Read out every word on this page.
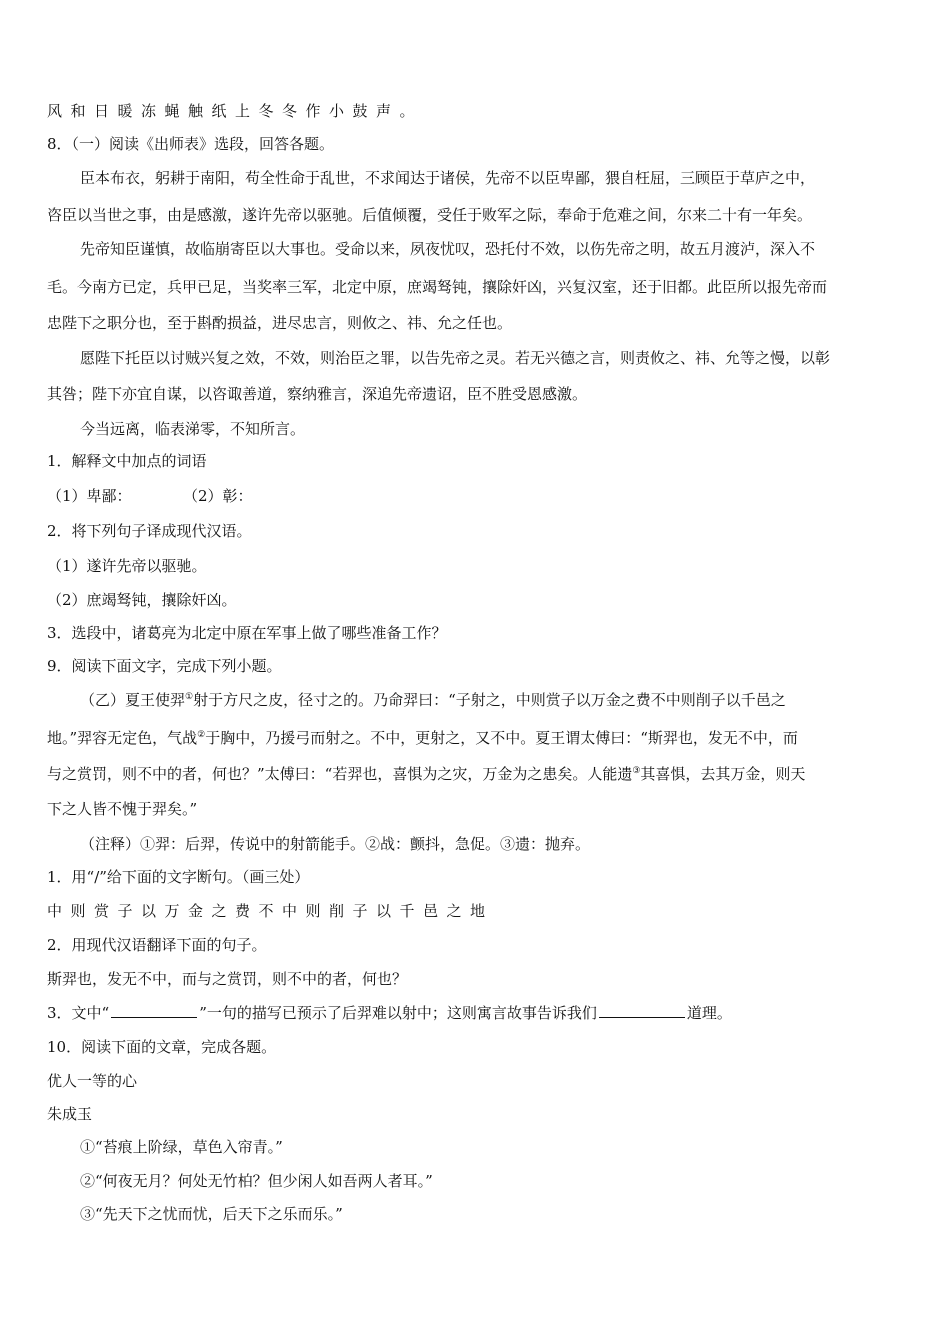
风和日暖冻蝇触纸上冬冬作小鼓声。
8．（一）阅读《出师表》选段，回答各题。
臣本布衣，躬耕于南阳，苟全性命于乱世，不求闻达于诸侯，先帝不以臣卑鄙，猥自枉屈，三顾臣于草庐之中，
咨臣以当世之事，由是感激，遂许先帝以驱驰。后值倾覆，受任于败军之际，奉命于危难之间，尔来二十有一年矣。
先帝知臣谨慎，故临崩寄臣以大事也。受命以来，夙夜忧叹，恐托付不效，以伤先帝之明，故五月渡泸，深入不
毛。今南方已定，兵甲已足，当奖率三军，北定中原，庶竭驽钝，攘除奸凶，兴复汉室，还于旧都。此臣所以报先帝而
忠陛下之职分也，至于斟酌损益，进尽忠言，则攸之、祎、允之任也。
愿陛下托臣以讨贼兴复之效，不效，则治臣之罪，以告先帝之灵。若无兴德之言，则责攸之、祎、允等之慢，以彰
其咎；陛下亦宜自谋，以咨诹善道，察纳雅言，深追先帝遗诏，臣不胜受恩感激。
今当远离，临表涕零，不知所言。
1．解释文中加点的词语
（1）卑鄙：	（2）彰：
2．将下列句子译成现代汉语。
（1）遂许先帝以驱驰。
（2）庶竭驽钝，攘除奸凶。
3．选段中，诸葛亮为北定中原在军事上做了哪些准备工作？
9．阅读下面文字，完成下列小题。
（乙）夏王使羿①射于方尺之皮，径寸之的。乃命羿曰：“子射之，中则赏子以万金之费不中则削子以千邑之
地。”羿容无定色，气战②于胸中，乃援弓而射之。不中，更射之，又不中。夏王谓太傅曰：“斯羿也，发无不中，而
与之赏罚，则不中的者，何也？”太傅曰：“若羿也，喜惧为之灾，万金为之患矣。人能遗③其喜惧，去其万金，则天
下之人皆不愧于羿矣。”
（注释）①羿：后羿，传说中的射箭能手。②战：颤抖，急促。③遗：抛弃。
1．用“/”给下面的文字断句。（画三处）
中则赏子以万金之费不中则削子以千邑之地
2．用现代汉语翻译下面的句子。
斯羿也，发无不中，而与之赏罚，则不中的者，何也？
3．文中“	”一句的描写已预示了后羿难以射中；这则寓言故事告诉我们	道理。
10．阅读下面的文章，完成各题。
优人一等的心
朱成玉
①“苔痕上阶绿，草色入帘青。”
②“何夜无月？何处无竹柏？但少闲人如吾两人者耳。”
③“先天下之忧而忧，后天下之乐而乐。”
